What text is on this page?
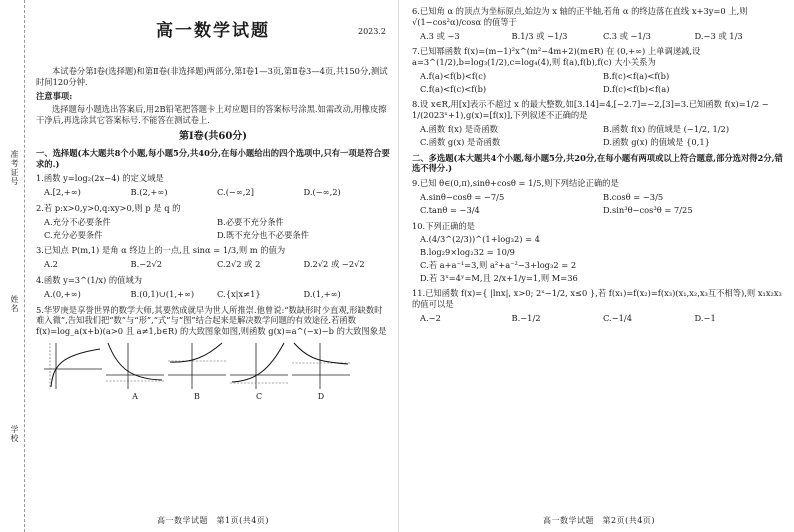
准考证号
姓名
学校
高一数学试题	2023.2

本试卷分第Ⅰ卷(选择题)和第Ⅱ卷(非选择题)两部分,第Ⅰ卷1—3页,第Ⅱ卷3—4页,共150分,测试时间120分钟.

注意事项:

选择题每小题选出答案后,用2B铅笔把答题卡上对应题目的答案标号涂黑.如需改动,用橡皮擦干净后,再选涂其它答案标号.不能答在测试卷上.

第Ⅰ卷(共60分)
一、选择题(本大题共8个小题,每小题5分,共40分,在每小题给出的四个选项中,只有一项是符合要求的.)
1.函数 y=log₂(2x−4) 的定义域是
A.[2,+∞)	B.(2,+∞)	C.(−∞,2]	D.(−∞,2)
2.若 p:x>0,y>0,q:xy>0,则 p 是 q 的
A.充分不必要条件	B.必要不充分条件
C.充分必要条件	D.既不充分也不必要条件
3.已知点 P(m,1) 是角 α 终边上的一点,且 sinα = 1/3,则 m 的值为
A.2	B.−2√2	C.2√2 或 2	D.2√2 或 −2√2
4.函数 y=3^(1/x) 的值域为
A.(0,+∞)	B.(0,1)∪(1,+∞)	C.{x|x≠1}	D.(1,+∞)
5.华罗庚是享誉世界的数学大师,其要然成就早为世人所推崇.他曾说:“数缺形时少直观,形缺数时难入微”,告知我们把“数”与“形”,“式”与“图”结合起来是解决数学问题的有效途径.若函数 f(x)=log_a(x+b)(a>0 且 a≠1,b∈R) 的大致图象如图,则函数 g(x)=a^(−x)−b 的大致图象是
A	B	C	D
高一数学试题　第1页(共4页)
6.已知角 α 的顶点为坐标原点,始边为 x 轴的正半轴,若角 α 的终边落在直线 x+3y=0 上,则 √(1−cos²α)/cosα 的值等于
A.3 或 −3	B.1/3 或 −1/3	C.3 或 −1/3	D.−3 或 1/3
7.已知幂函数 f(x)=(m−1)²x^(m²−4m+2)(m∈R) 在 (0,+∞) 上单调递减,设 a=3^(1/2),b=log₃(1/2),c=log₄(4),则 f(a),f(b),f(c) 大小关系为
A.f(a)<f(b)<f(c)	B.f(c)<f(a)<f(b)
C.f(a)<f(c)<f(b)	D.f(c)<f(b)<f(a)
8.设 x∈R,用[x]表示不超过 x 的最大整数,如[3.14]=4,[−2.7]=−2,[3]=3.已知函数 f(x)=1/2 − 1/(2023ˣ+1),g(x)=[f(x)],下列叙述不正确的是
A.函数 f(x) 是奇函数	B.函数 f(x) 的值域是 (−1/2, 1/2)
C.函数 g(x) 是奇函数	D.函数 g(x) 的值域是 {0,1}
二、多选题(本大题共4个小题,每小题5分,共20分,在每小题有两项或以上符合题意,部分选对得2分,错选不得分.)
9.已知 θ∈(0,π),sinθ+cosθ = 1/5,则下列结论正确的是
A.sinθ−cosθ = −7/5	B.cosθ = −3/5
C.tanθ = −3/4	D.sin³θ−cos³θ = 7/25
10.下列正确的是
A.(4/3^(2/3))^(1+log₃2) = 4
B.log₂9×log₂32 = 10/9
C.若 a+a⁻¹=3,则 a²+a⁻²−3+log₃2 = 2
D.若 3ˣ=4ʸ=M,且 2/x+1/y=1,则 M=36
11.已知函数 f(x)={ |lnx|, x>0; 2ˣ−1/2, x≤0 },若 f(x₁)=f(x₂)=f(x₃)(x₁,x₂,x₃互不相等),则 x₁x₂x₃ 的值可以是
A.−2	B.−1/2	C.−1/4	D.−1
高一数学试题　第2页(共4页)
